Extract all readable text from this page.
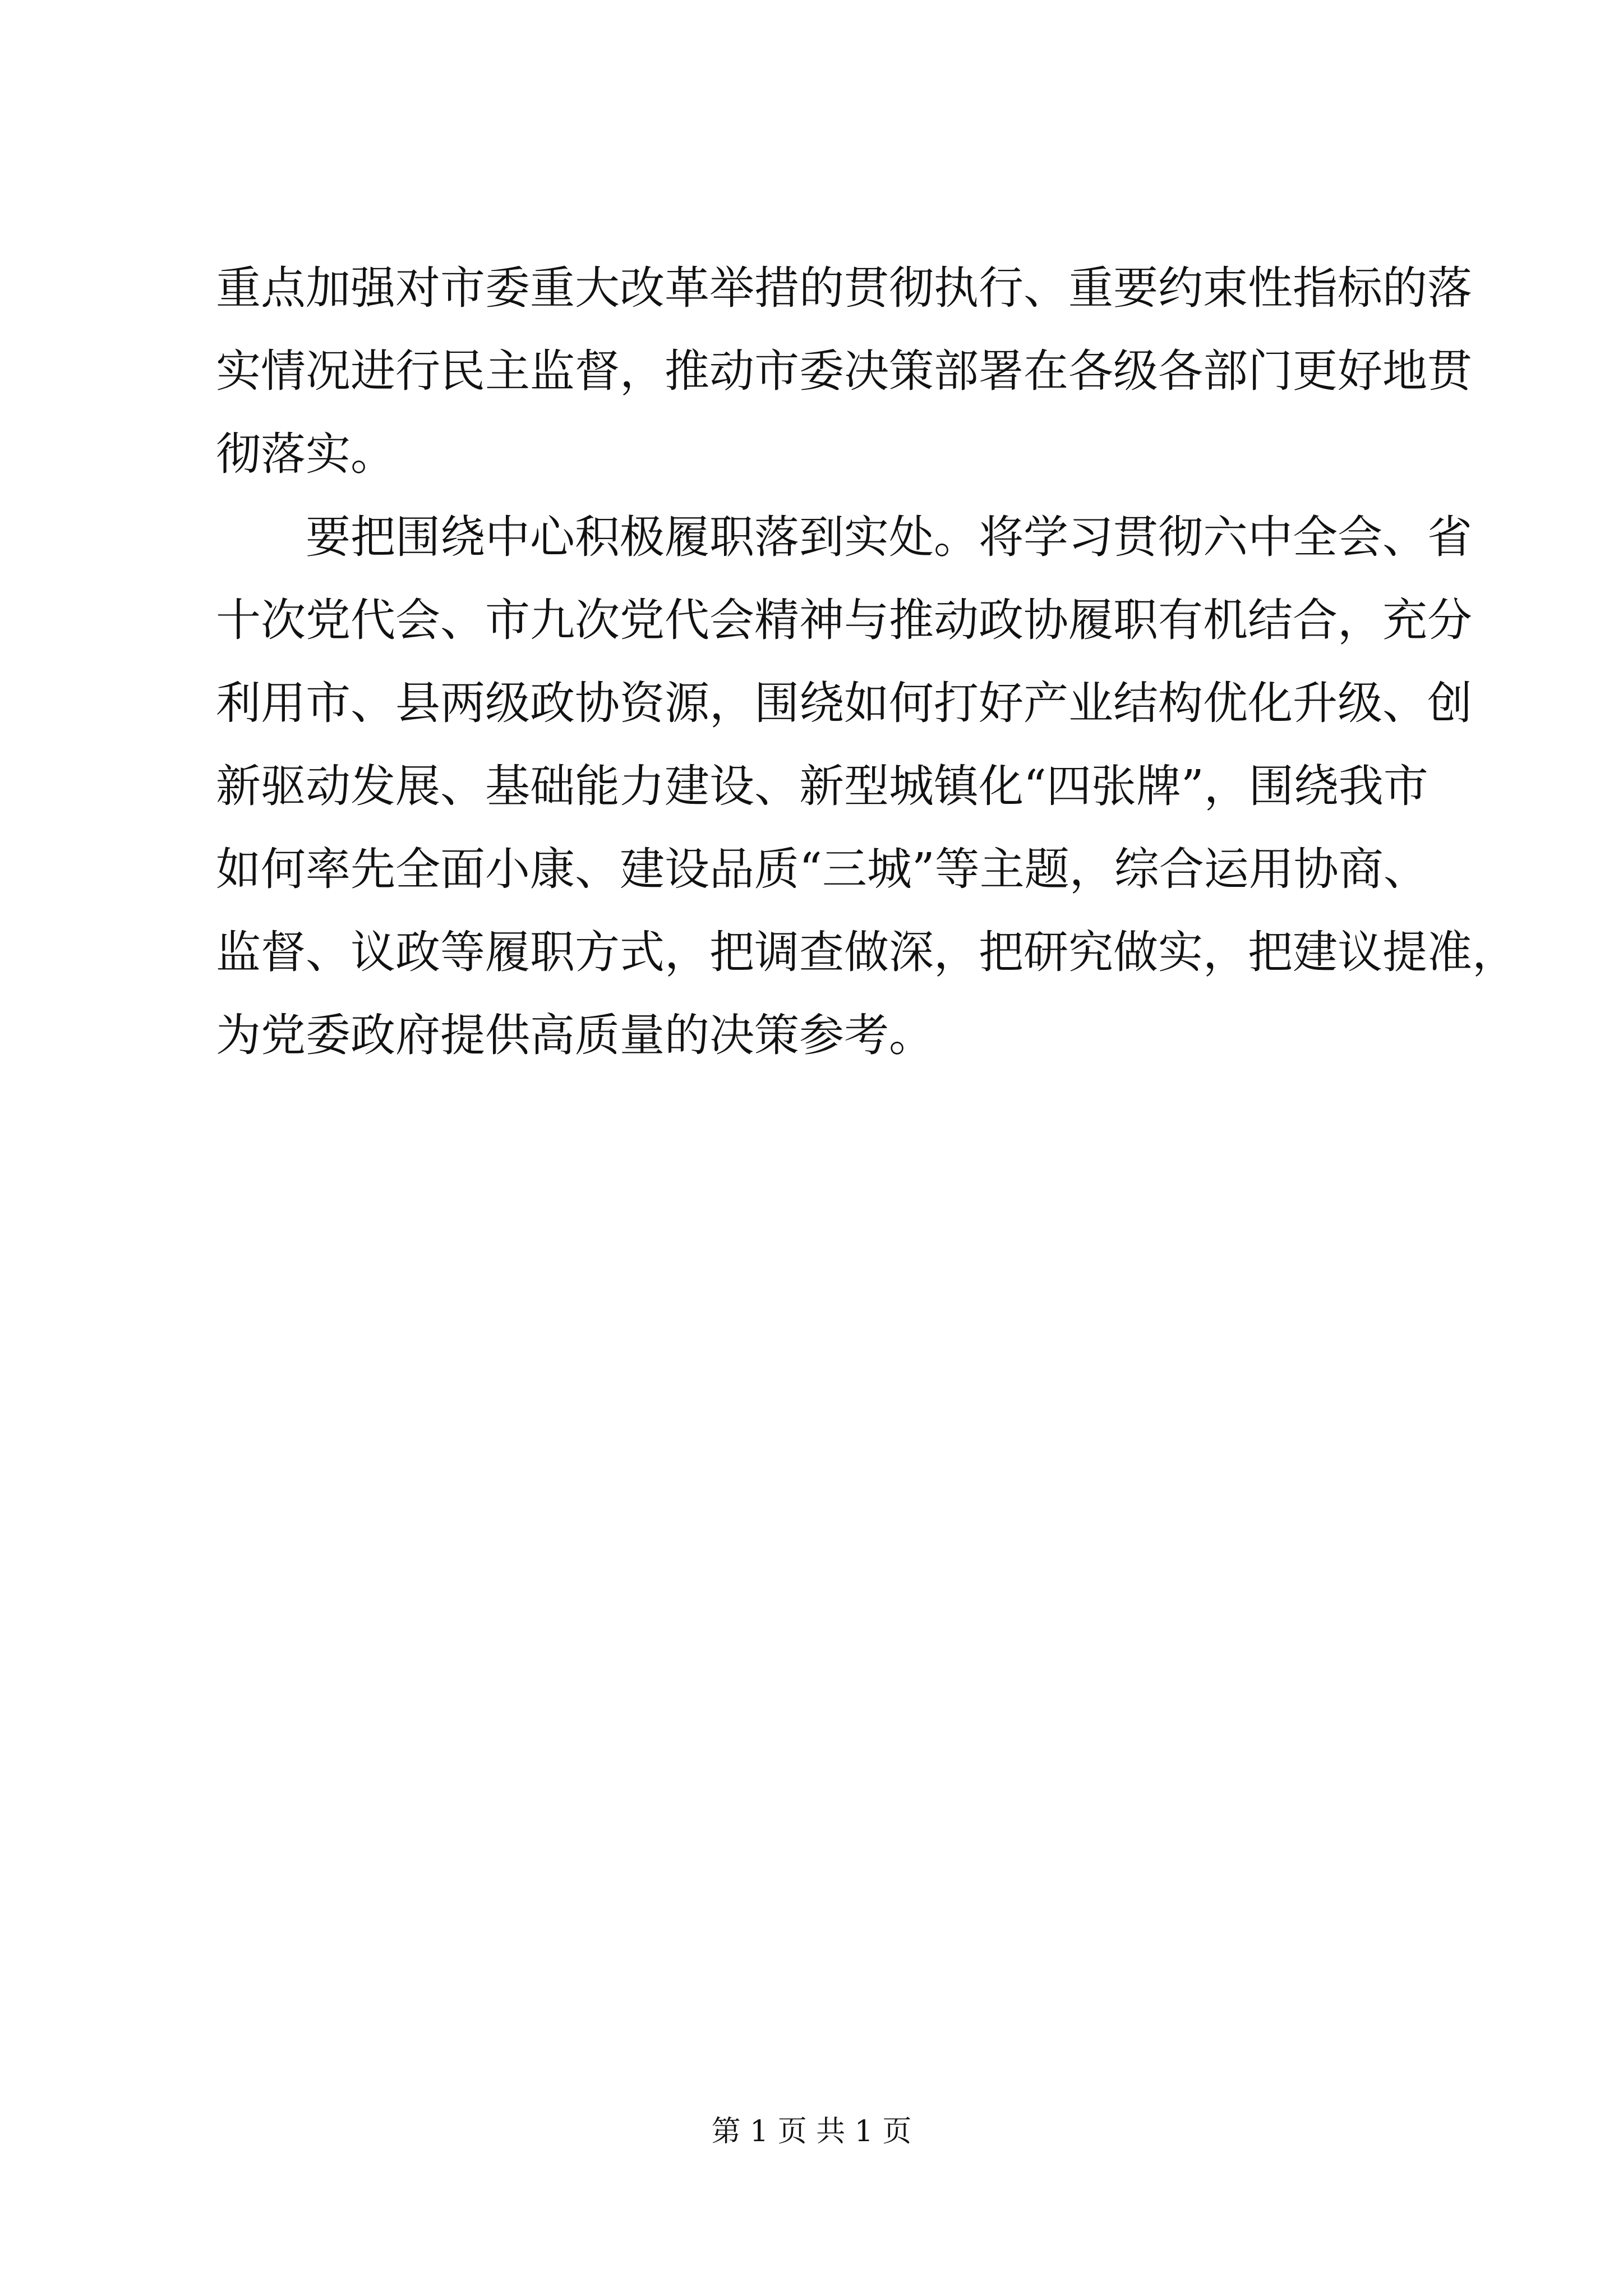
重点加强对市委重大改革举措的贯彻执行、重要约束性指标的落
实情况进行民主监督，推动市委决策部署在各级各部门更好地贯
彻落实。
要把围绕中心积极履职落到实处。将学习贯彻六中全会、省
十次党代会、市九次党代会精神与推动政协履职有机结合，充分
利用市、县两级政协资源，围绕如何打好产业结构优化升级、创
新驱动发展、基础能力建设、新型城镇化“四张牌”，围绕我市
如何率先全面小康、建设品质“三城”等主题，综合运用协商、
监督、议政等履职方式，把调查做深，把研究做实，把建议提准，
为党委政府提供高质量的决策参考。
第 1 页 共 1 页
